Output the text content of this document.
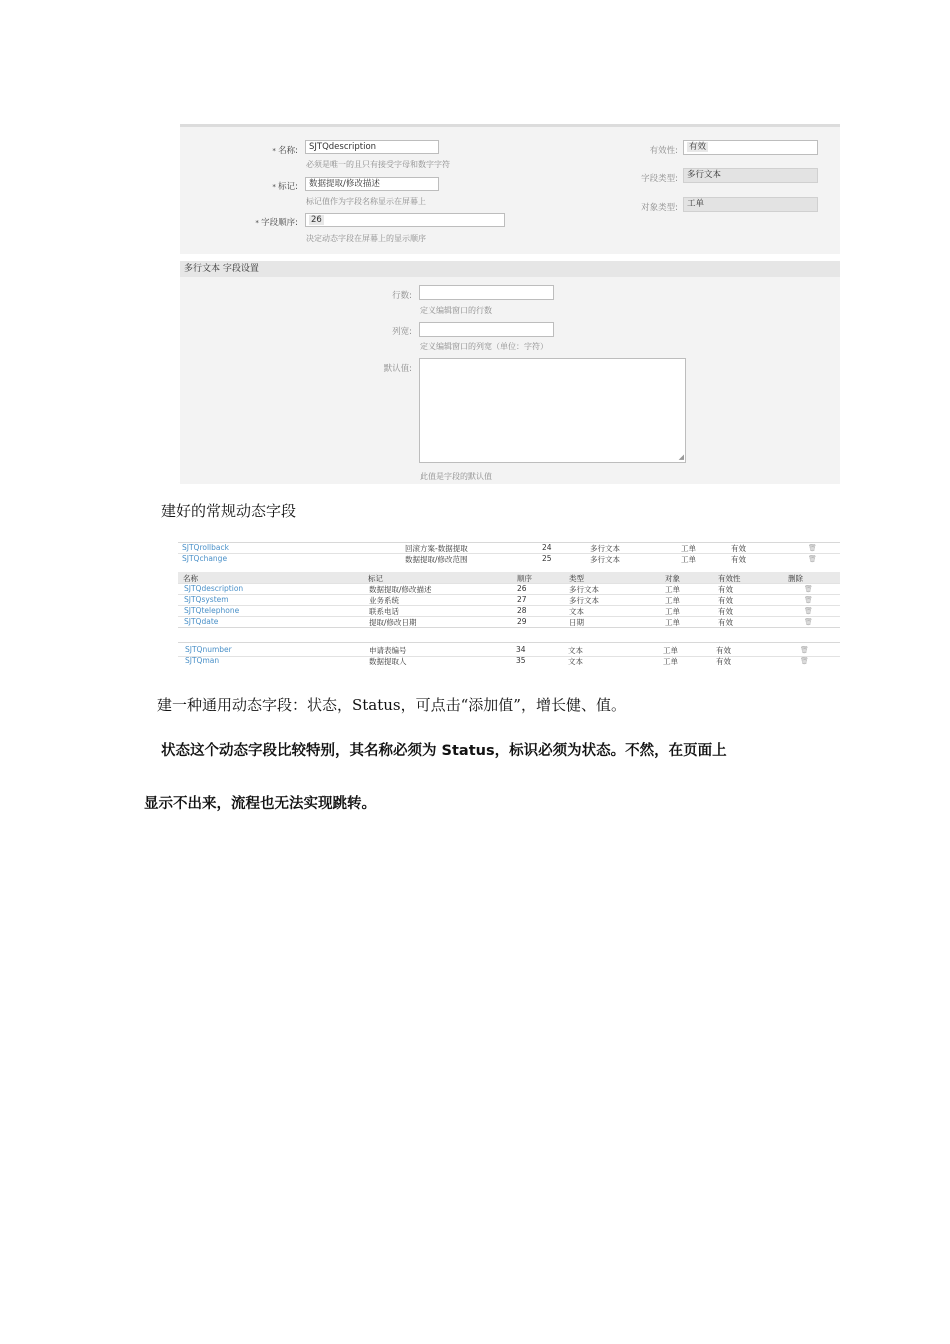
* 名称:	SJTQdescription
必须是唯一的且只有接受字母和数字字符
* 标记:	数据提取/修改描述
标记值作为字段名称显示在屏幕上
* 字段顺序:	26
决定动态字段在屏幕上的显示顺序
有效性:	有效
字段类型:	多行文本
对象类型:	工单
多行文本 字段设置
行数:
定义编辑窗口的行数
列宽:
定义编辑窗口的列宽（单位：字符）
默认值:
◢
此值是字段的默认值
建好的常规动态字段
SJTQrollback	回滚方案-数据提取	24	多行文本	工单	有效	🗑
SJTQchange	数据提取/修改范围	25	多行文本	工单	有效	🗑
名称	标记	顺序	类型	对象	有效性	删除
SJTQdescription	数据提取/修改描述	26	多行文本	工单	有效	🗑
SJTQsystem	业务系统	27	多行文本	工单	有效	🗑
SJTQtelephone	联系电话	28	文本	工单	有效	🗑
SJTQdate	提取/修改日期	29	日期	工单	有效	🗑
SJTQnumber	申请表编号	34	文本	工单	有效	🗑
SJTQman	数据提取人	35	文本	工单	有效	🗑
建一种通用动态字段：状态，Status，可点击“添加值”，增长健、值。
状态这个动态字段比较特别，其名称必须为 Status，标识必须为状态。不然，在页面上
显示不出来，流程也无法实现跳转。
